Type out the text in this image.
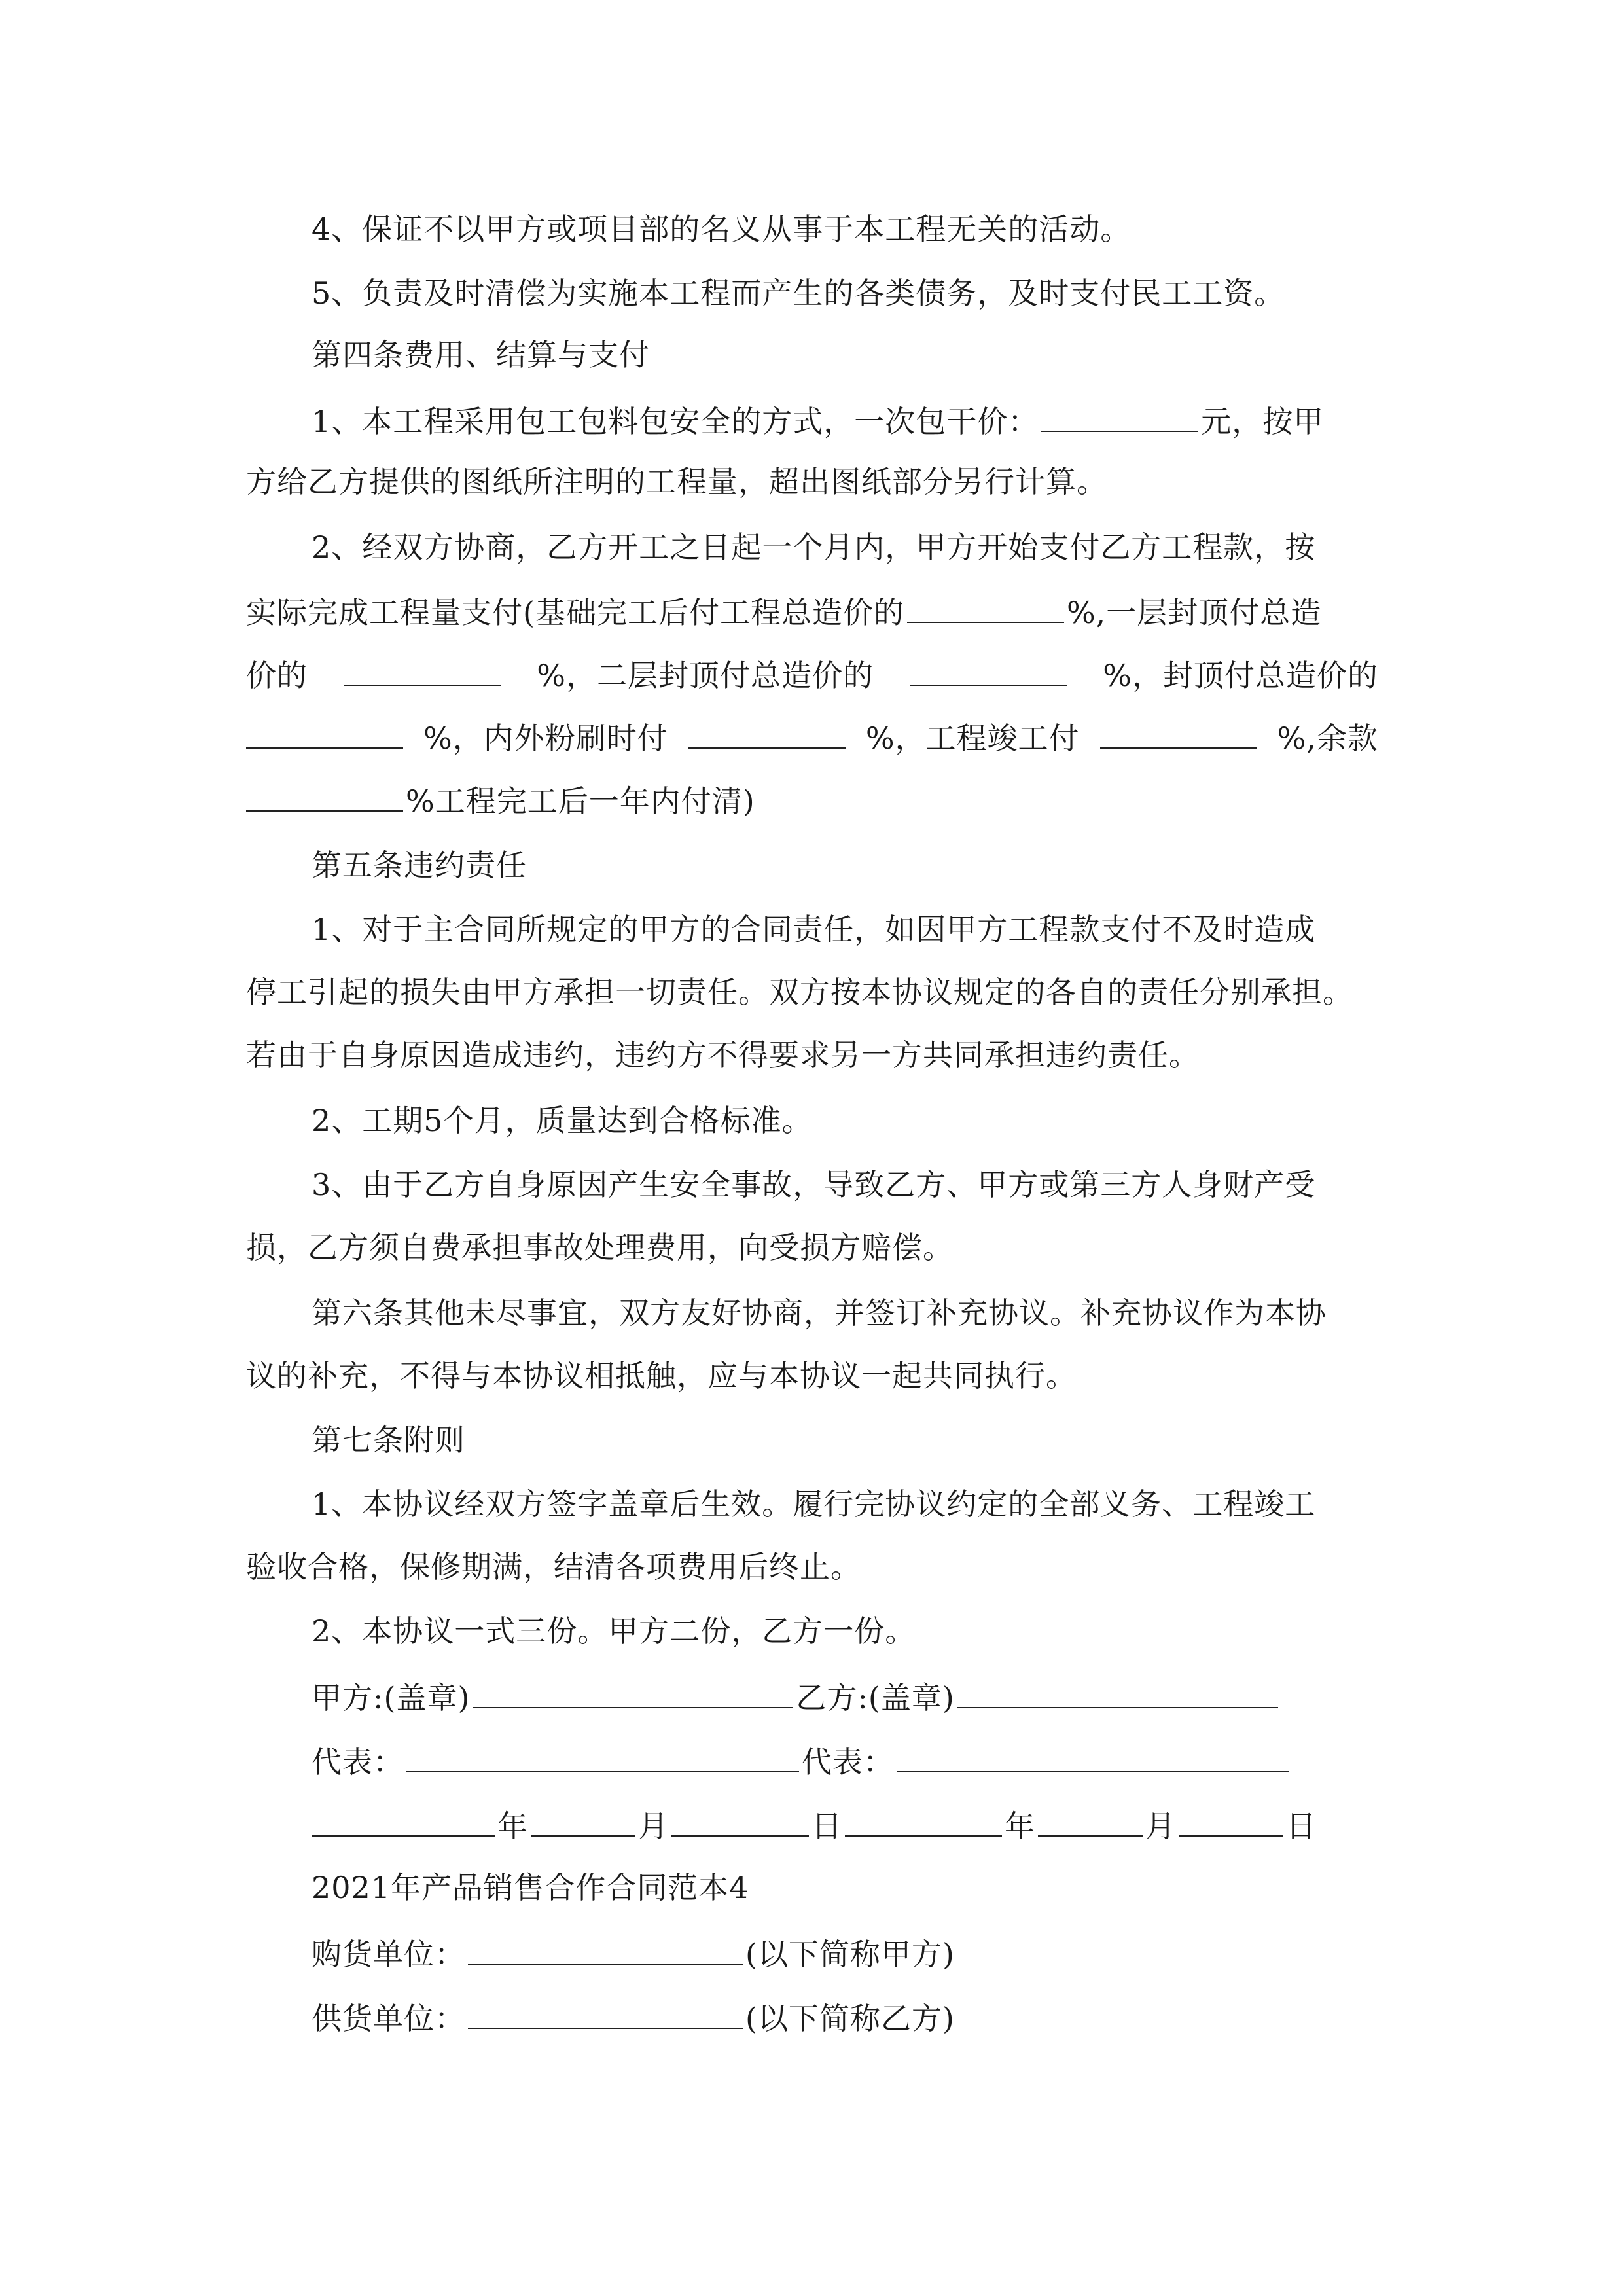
4、保证不以甲方或项目部的名义从事于本工程无关的活动。
5、负责及时清偿为实施本工程而产生的各类债务，及时支付民工工资。
第四条费用、结算与支付
1、本工程采用包工包料包安全的方式，一次包干价：	元，按甲
方给乙方提供的图纸所注明的工程量，超出图纸部分另行计算。
2、经双方协商，乙方开工之日起一个月内，甲方开始支付乙方工程款，按
实际完成工程量支付(基础完工后付工程总造价的	%,一层封顶付总造
价的	%，二层封顶付总造价的	%，封顶付总造价的
%，内外粉刷时付	%，工程竣工付	%,余款
%工程完工后一年内付清)
第五条违约责任
1、对于主合同所规定的甲方的合同责任，如因甲方工程款支付不及时造成
停工引起的损失由甲方承担一切责任。双方按本协议规定的各自的责任分别承担。
若由于自身原因造成违约，违约方不得要求另一方共同承担违约责任。
2、工期5个月，质量达到合格标准。
3、由于乙方自身原因产生安全事故，导致乙方、甲方或第三方人身财产受
损，乙方须自费承担事故处理费用，向受损方赔偿。
第六条其他未尽事宜，双方友好协商，并签订补充协议。补充协议作为本协
议的补充，不得与本协议相抵触，应与本协议一起共同执行。
第七条附则
1、本协议经双方签字盖章后生效。履行完协议约定的全部义务、工程竣工
验收合格，保修期满，结清各项费用后终止。
2、本协议一式三份。甲方二份，乙方一份。
甲方:(盖章)	乙方:(盖章)
代表：	代表：
年	月	日	年	月	日
2021年产品销售合作合同范本4
购货单位：	(以下简称甲方)
供货单位：	(以下简称乙方)
